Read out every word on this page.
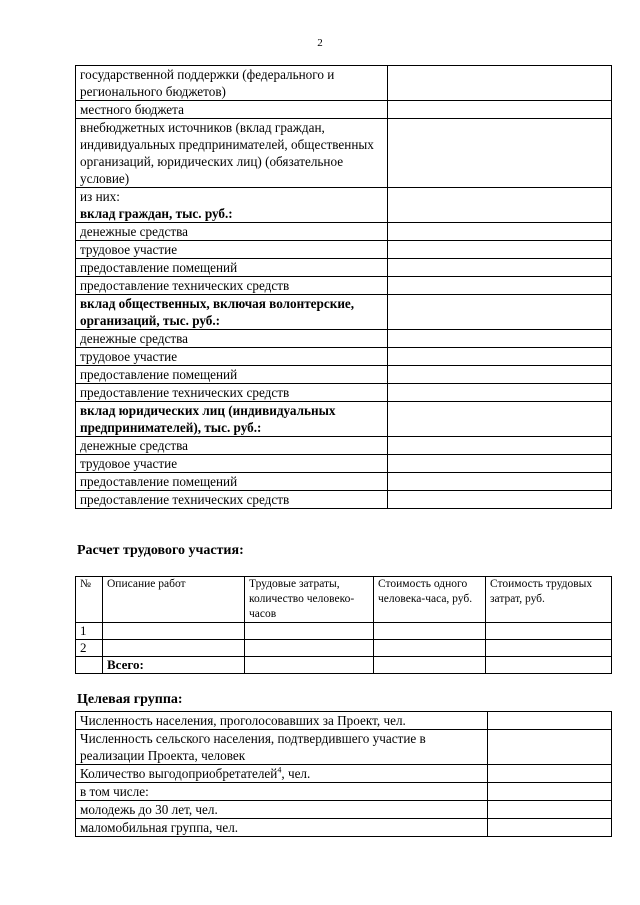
2
государственной поддержки (федерального и регионального бюджетов)	
местного бюджета	
внебюджетных источников (вклад граждан, индивидуальных предпринимателей, общественных организаций, юридических лиц) (обязательное условие)	
из них:
вклад граждан, тыс. руб.:	
денежные средства	
трудовое участие	
предоставление помещений	
предоставление технических средств	
вклад общественных, включая волонтерские, организаций, тыс. руб.:	
денежные средства	
трудовое участие	
предоставление помещений	
предоставление технических средств	
вклад юридических лиц (индивидуальных предпринимателей), тыс. руб.:	
денежные средства	
трудовое участие	
предоставление помещений	
предоставление технических средств	
Расчет трудового участия:
№	Описание работ	Трудовые затраты, количество человеко-часов	Стоимость одного человека-часа, руб.	Стоимость трудовых затрат, руб.
1				
2				
	Всего:			
Целевая группа:
Численность населения, проголосовавших за Проект, чел.	
Численность сельского населения, подтвердившего участие в реализации Проекта, человек	
Количество выгодоприобретателей$^4$, чел.	
в том числе:	
молодежь до 30 лет, чел.	
маломобильная группа, чел.	
